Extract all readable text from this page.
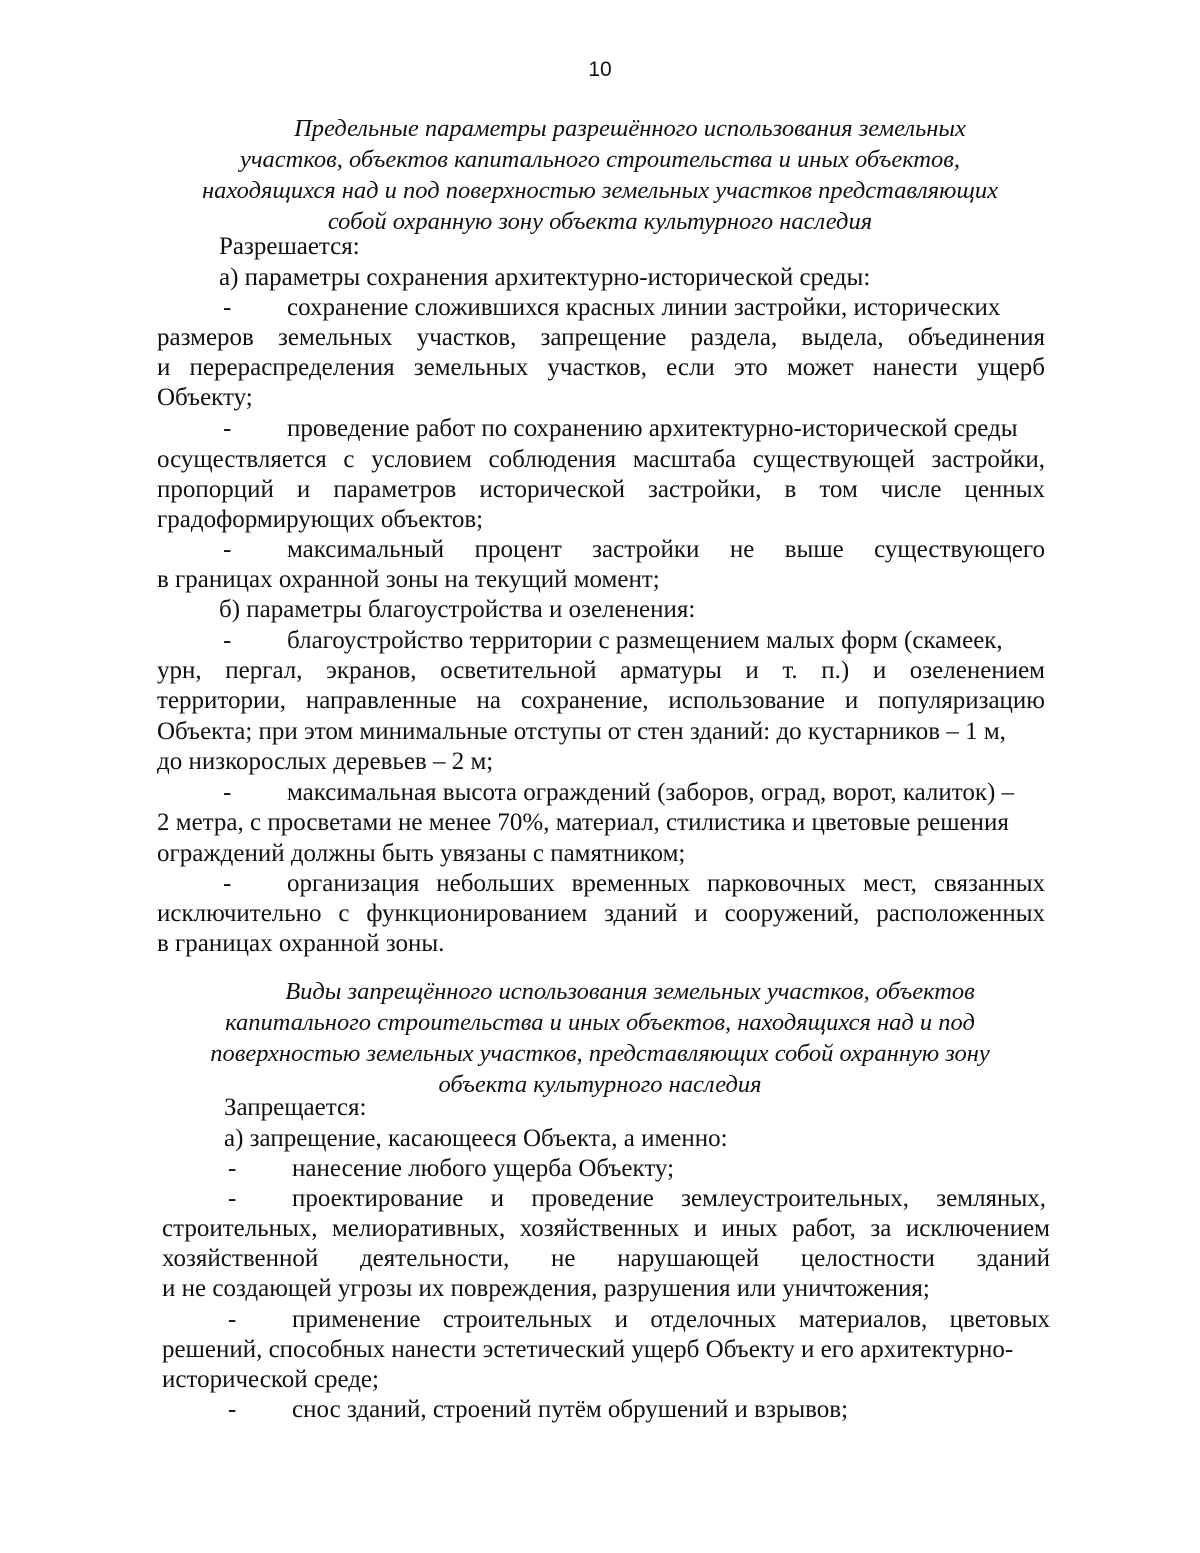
10
Предельные параметры разрешённого использования земельных
участков, объектов капитального строительства и иных объектов,
находящихся над и под поверхностью земельных участков представляющих
собой охранную зону объекта культурного наследия
Разрешается:
а) параметры сохранения архитектурно-исторической среды:
- сохранение сложившихся красных линии застройки, исторических
размеров земельных участков, запрещение раздела, выдела, объединения
и перераспределения земельных участков, если это может нанести ущерб
Объекту;
- проведение работ по сохранению архитектурно-исторической среды
осуществляется с условием соблюдения масштаба существующей застройки,
пропорций и параметров исторической застройки, в том числе ценных
градоформирующих объектов;
- максимальный процент застройки не выше существующего
в границах охранной зоны на текущий момент;
б) параметры благоустройства и озеленения:
- благоустройство территории с размещением малых форм (скамеек,
урн, пергал, экранов, осветительной арматуры и т. п.) и озеленением
территории, направленные на сохранение, использование и популяризацию
Объекта; при этом минимальные отступы от стен зданий: до кустарников – 1 м,
до низкорослых деревьев – 2 м;
- максимальная высота ограждений (заборов, оград, ворот, калиток) –
2 метра, с просветами не менее 70%, материал, стилистика и цветовые решения
ограждений должны быть увязаны с памятником;
- организация небольших временных парковочных мест, связанных
исключительно с функционированием зданий и сооружений, расположенных
в границах охранной зоны.
Виды запрещённого использования земельных участков, объектов
капитального строительства и иных объектов, находящихся над и под
поверхностью земельных участков, представляющих собой охранную зону
объекта культурного наследия
Запрещается:
а) запрещение, касающееся Объекта, а именно:
- нанесение любого ущерба Объекту;
- проектирование и проведение землеустроительных, земляных,
строительных, мелиоративных, хозяйственных и иных работ, за исключением
хозяйственной деятельности, не нарушающей целостности зданий
и не создающей угрозы их повреждения, разрушения или уничтожения;
- применение строительных и отделочных материалов, цветовых
решений, способных нанести эстетический ущерб Объекту и его архитектурно-
исторической среде;
- снос зданий, строений путём обрушений и взрывов;
